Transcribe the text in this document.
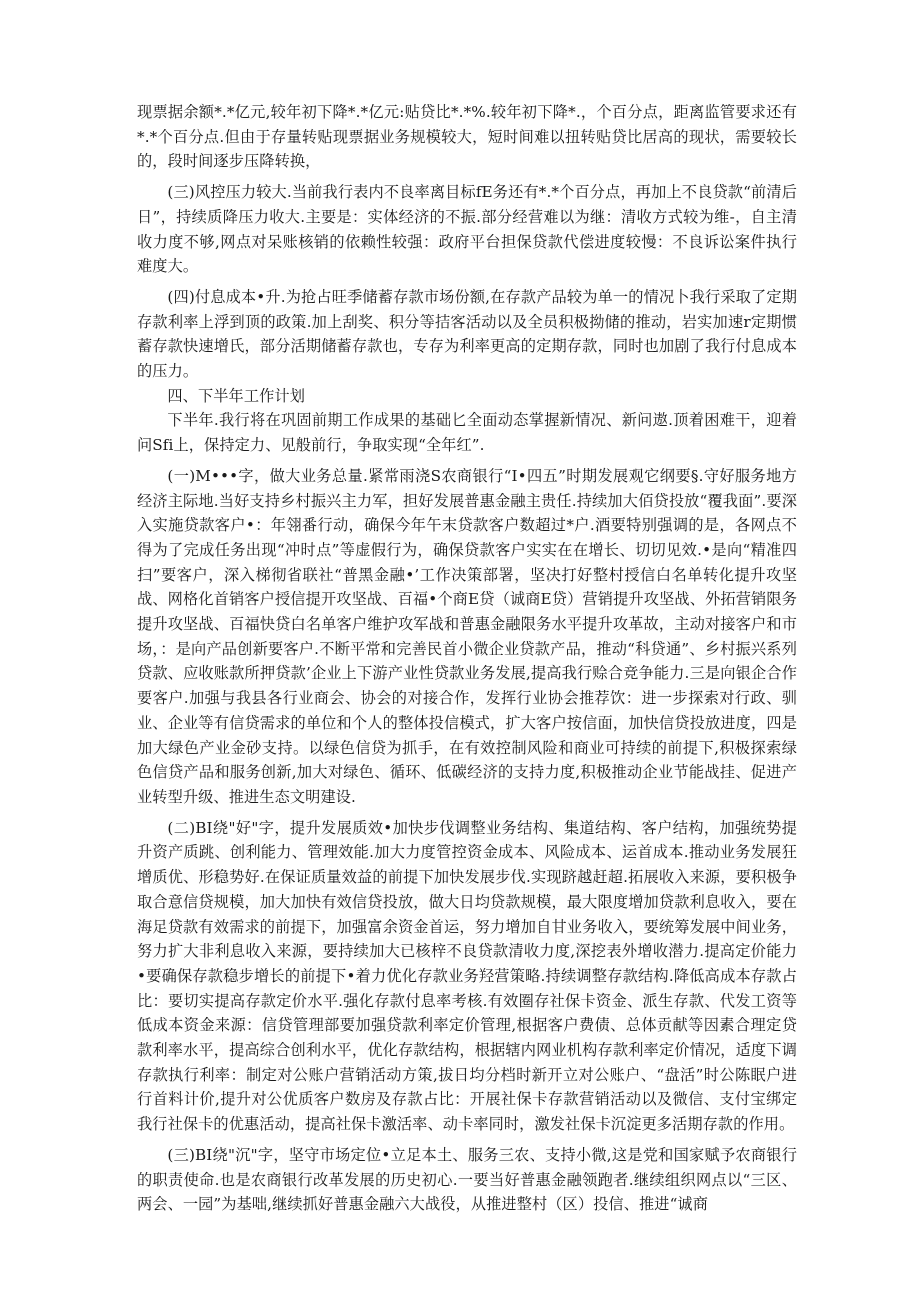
现票据余额*.*亿元,较年初下降*.*亿元:贴贷比*.*%.较年初下降*.，个百分点，距离监管要求还有*.*个百分点.但由于存量转贴现票据业务规模较大，短时间难以扭转贴贷比居高的现状，需要较长的，段时间逐步压降转换，

(三)风控压力较大.当前我行表内不良率离目标fE务还有*.*个百分点，再加上不良贷款“前清后日”，持续质降压力收大.主要是：实体经济的不振.部分经营难以为继：清收方式较为维-，自主清收力度不够,网点对呆账核销的依赖性较强：政府平台担保贷款代偿进度较慢：不良诉讼案件执行难度大。

(四)付息成本•升.为抢占旺季储蓄存款市场份额,在存款产品较为单一的情况卜我行采取了定期存款利率上浮到顶的政策.加上刮奖、积分等拮客活动以及全员积极拗储的推动，岩实加速r定期惯蓄存款快速增氏，部分活期储蓄存款也，专存为利率更高的定期存款，同时也加剧了我行付息成本的压力。

四、下半年工作计划

下半年.我行将在巩固前期工作成果的基础匕全面动态掌握新情况、新问遨.顶着困难干，迎着问Sfi上，保持定力、见般前行，争取实现“全年红”.

(一)M•••字，做大业务总量.紧常雨浇S农商银行“I•四五”时期发展观它纲要§.守好服务地方经济主际地.当好支持乡村振兴主力军，担好发展普惠金融主贵任.持续加大佰贷投放“覆我面”.要深入实施贷款客户•：年翎番行动，确保今年午末贷款客户数超过*户.酒要特别强调的是，各网点不得为了完成任务出现“冲时点”等虚假行为，确保贷款客户实实在在增长、切切见效.•是向“精准四扫”要客户，深入梯彻省联社“普黑金融•’工作决策部署，坚决打好整村授信白名单转化提升攻坚战、网格化首销客户授信提开攻坚战、百福•个商E贷（诚商E贷）营销提升攻坚战、外拓营销限务提升攻坚战、百福快贷白名单客户维护攻军战和普惠金融限务水平提升攻革故，主动对接客户和市场，：是向产品创新要客户.不断平常和完善民首小微企业贷款产品，推动“科贷通”、乡村振兴系列贷款、应收账款所押贷款’企业上下游产业性贷款业务发展,提高我行赊合竞争能力.三是向银企合作要客户.加强与我县各行业商会、协会的对接合作，发挥行业协会推荐饮：进一步探索对行政、驯业、企业等有信贷需求的单位和个人的整体投信模式，扩大客户按信面，加快信贷投放进度，四是加大绿色产业金砂支持。以绿色信贷为抓手，在有效控制风险和商业可持续的前提下,积极探索绿色信贷产品和服务创新,加大对绿色、循环、低碳经济的支持力度,积极推动企业节能战挂、促进产业转型升级、推进生态文明建设.

(二)BI绕"好"字，提升发展质效•加快步伐调整业务结构、集道结构、客户结构，加强统势提升资产质跳、创利能力、管理效能.加大力度管控资金成本、风险成本、运首成本.推动业务发展狂增质优、形稳势好.在保证质量效益的前提下加快发展步伐.实现跻越赶超.拓展收入来源，要积极争取合意信贷规模，加大加快有效信贷投放，做大日均贷款规模，最大限度增加贷款利息收入，要在海足贷款有效需求的前提下，加强富余资金首运，努力增加自甘业务收入，要统筹发展中间业务，努力扩大非利息收入来源，要持续加大已核梓不良贷款清收力度,深挖表外增收潜力.提高定价能力•要确保存款稳步增长的前提下•着力优化存款业务羟营策略.持续调整存款结构.降低高成本存款占比：要切实提高存款定价水平.强化存款付息率考核.有效圈存社保卡资金、派生存款、代发工资等低成本资金来源：信贷管理部要加强贷款利率定价管理,根据客户费债、总体贡献等因素合理定贷款利率水平，提高综合创利水平，优化存款结构，根据辖内网业机构存款利率定价情况，适度下调存款执行利率：制定对公账户营销活动方策,拔日均分档时新开立对公账户、“盘活”时公陈眠户进行首料计价,提升对公优质客户数房及存款占比：开展社保卡存款营销活动以及微信、支付宝绑定我行社保卡的优惠活动，提高社保卡激活率、动卡率同时，激发社保卡沉淀更多活期存款的作用。

(三)BI绕"沉"字，坚守市场定位•立足本土、服务三农、支持小微,这是党和国家赋予农商银行的职责使命.也是农商银行改革发展的历史初心.一要当好普惠金融领跑者.继续组织网点以“三区、两会、一园”为基咄,继续抓好普惠金融六大战役，从推进整村（区）投信、推进“诚商
